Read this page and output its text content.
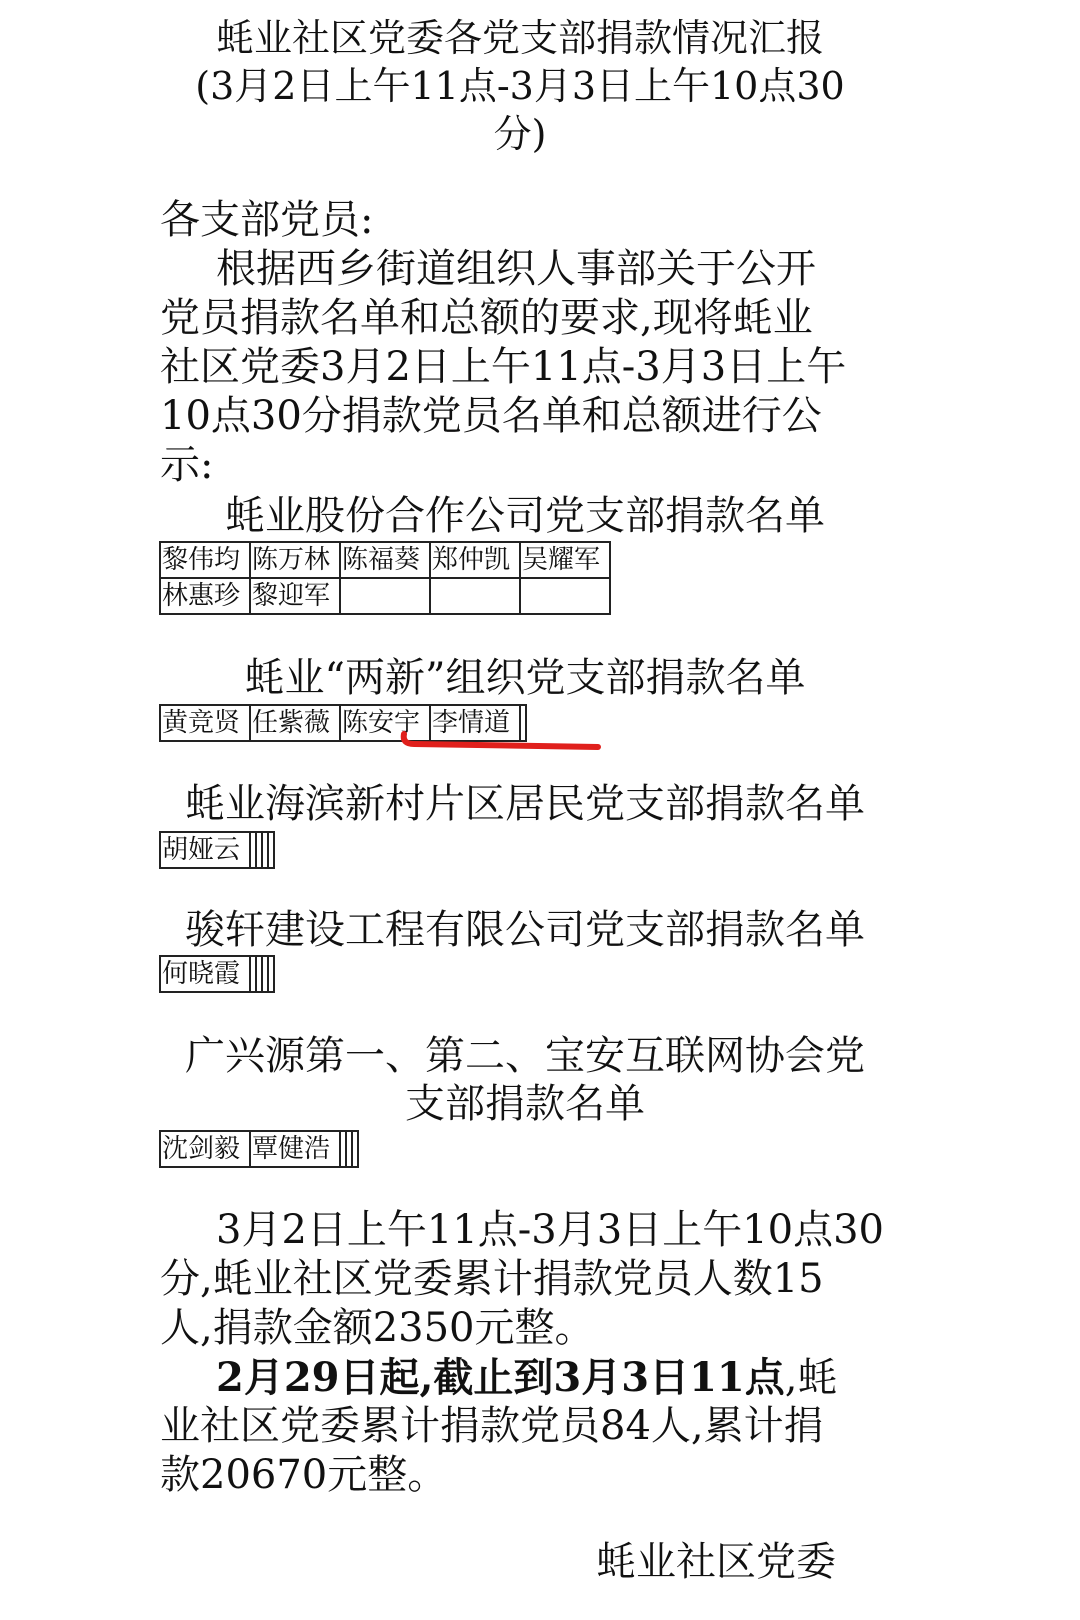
蚝业社区党委各党支部捐款情况汇报
(3月2日上午11点-3月3日上午10点30
分)

各支部党员:

根据西乡街道组织人事部关于公开

党员捐款名单和总额的要求,现将蚝业

社区党委3月2日上午11点-3月3日上午

10点30分捐款党员名单和总额进行公

示:

蚝业股份合作公司党支部捐款名单

黎伟均	陈万林	陈福葵	郑仲凯	吴耀军
林惠珍	黎迎军			

蚝业“两新”组织党支部捐款名单

黄竞贤	任紫薇	陈安宇	李情道	

蚝业海滨新村片区居民党支部捐款名单

胡娅云				

骏轩建设工程有限公司党支部捐款名单

何晓霞				

广兴源第一、第二、宝安互联网协会党

支部捐款名单

沈剑毅	覃健浩			

3月2日上午11点-3月3日上午10点30

分,蚝业社区党委累计捐款党员人数15

人,捐款金额2350元整。

2月29日起,截止到3月3日11点,蚝

业社区党委累计捐款党员84人,累计捐

款20670元整。

蚝业社区党委
